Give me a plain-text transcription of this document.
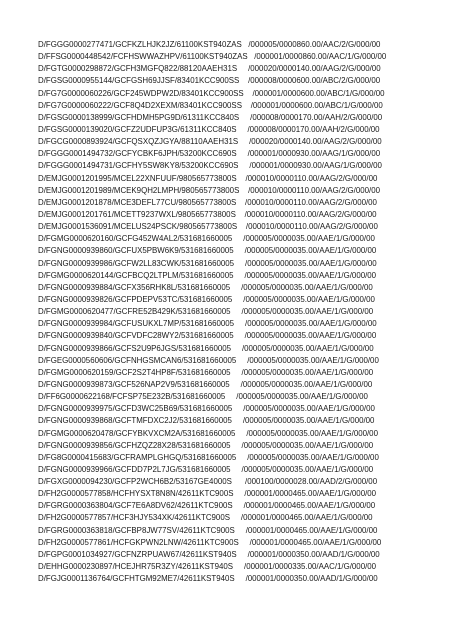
D/FGGG0000277471/GCFKZLHJK2JZ/61100KST940ZAS   /000005/0000860.00/AAC/2/G/000/00
D/FFSG0000448542/FCFHSWWAZHPV/61100KST940ZAS   /000001/0000860.00/AAC/1/G/000/00
D/FGTG0000298872/GCFH3MGFQ822/88120AAEH31S     /000020/0000140.00/AAG/2/G/000/00
D/FGSG0000955144/GCFGSH69JJSF/83401KCC900SS    /000008/0000600.00/ABC/2/G/000/00
D/FG7G0000060226/GCF245WDPW2D/83401KCC900SS    /000001/0000600.00/ABC/1/G/000/00
D/FG7G0000060222/GCF8Q4D2XEXM/83401KCC900SS    /000001/0000600.00/ABC/1/G/000/00
D/FGSG0000138999/GCFHDMH5PG9D/61311KCC840S     /000008/0000170.00/AAH/2/G/000/00
D/FGSG0000139020/GCFZ2UDFUP3G/61311KCC840S     /000008/0000170.00/AAH/2/G/000/00
D/FGCG0000893924/GCFQSXQZJGYA/88110AAEH31S     /000020/0000140.00/AAG/2/G/000/00
D/FGGG0001494732/GCFYCBKF6JPH/53200KCC690S     /000001/0000930.00/AAG/1/G/000/00
D/FGGG0001494731/GCFHY5SW8KY8/53200KCC690S     /000001/0000930.00/AAG/1/G/000/00
D/EMJG0001201995/MCEL22XNFUUF/980565773800S    /000010/0000110.00/AAG/2/G/000/00
D/EMJG0001201989/MCEK9QH2LMPH/980565773800S    /000010/0000110.00/AAG/2/G/000/00
D/EMJG0001201878/MCE3DEFL77CU/980565773800S    /000010/0000110.00/AAG/2/G/000/00
D/EMJG0001201761/MCETT9237WXL/980565773800S    /000010/0000110.00/AAG/2/G/000/00
D/EMJG0001536091/MCELUS24PSCK/980565773800S    /000010/0000110.00/AAG/2/G/000/00
D/FGMG0000620160/GCFG452W4AL2/531681660005     /000005/0000035.00/AAE/1/G/000/00
D/FGNG0000939860/GCFUX5PBW6K9/531681660005     /000005/0000035.00/AAE/1/G/000/00
D/FGNG0000939986/GCFW2LL83CWK/531681660005     /000005/0000035.00/AAE/1/G/000/00
D/FGMG0000620144/GCFBCQ2LTPLM/531681660005     /000005/0000035.00/AAE/1/G/000/00
D/FGNG0000939884/GCFX356RHK8L/531681660005     /000005/0000035.00/AAE/1/G/000/00
D/FGNG0000939826/GCFPDEPV53TC/531681660005     /000005/0000035.00/AAE/1/G/000/00
D/FGMG0000620477/GCFRE52B429K/531681660005     /000005/0000035.00/AAE/1/G/000/00
D/FGNG0000939984/GCFUSUKXL7MP/531681660005     /000005/0000035.00/AAE/1/G/000/00
D/FGNG0000939840/GCFVDFC28WY2/531681660005     /000005/0000035.00/AAE/1/G/000/00
D/FGNG0000939866/GCFS2U9P6JGS/531681660005     /000005/0000035.00/AAE/1/G/000/00
D/FGEG0000560606/GCFNHGSMCAN6/531681660005     /000005/0000035.00/AAE/1/G/000/00
D/FGMG0000620159/GCF2S2T4HP8F/531681660005     /000005/0000035.00/AAE/1/G/000/00
D/FGNG0000939873/GCF526NAP2V9/531681660005     /000005/0000035.00/AAE/1/G/000/00
D/FF6G0000622168/FCFSP75E232B/531681660005     /000005/0000035.00/AAE/1/G/000/00
D/FGNG0000939975/GCFD3WC25B69/531681660005     /000005/0000035.00/AAE/1/G/000/00
D/FGNG0000939868/GCFTMFDXC2J2/531681660005     /000005/0000035.00/AAE/1/G/000/00
D/FGMG0000620478/GCFYBKVXCM2A/531681660005     /000005/0000035.00/AAE/1/G/000/00
D/FGNG0000939856/GCFHZQZ28X28/531681660005     /000005/0000035.00/AAE/1/G/000/00
D/FG8G0000415683/GCFRAMPLGHGQ/531681660005     /000005/0000035.00/AAE/1/G/000/00
D/FGNG0000939966/GCFDD7P2L7JG/531681660005     /000005/0000035.00/AAE/1/G/000/00
D/FGXG0000094230/GCFP2WCH6B2/53167GE4000S      /000100/0000028.00/AAD/2/G/000/00
D/FH2G0000577858/HCFHYSXT8N8N/42611KTC900S     /000001/0000465.00/AAE/1/G/000/00
D/FGRG0000363804/GCF7E6A8DV62/42611KTC900S     /000001/0000465.00/AAE/1/G/000/00
D/FH2G0000577857/HCF3HJY534XK/42611KTC900S     /000001/0000465.00/AAE/1/G/000/00
D/FGRG0000363818/GCFBP8JW77SV/42611KTC900S     /000001/0000465.00/AAE/1/G/000/00
D/FH2G0000577861/HCFGKPWN2LNW/42611KTC900S     /000001/0000465.00/AAE/1/G/000/00
D/FGPG0001034927/GCFNZRPUAW67/42611KST940S     /000001/0000350.00/AAD/1/G/000/00
D/EHHG0000230897/HCEJHR75R3ZY/42611KST940S     /000001/0000335.00/AAC/1/G/000/00
D/FGJG0001136764/GCFHTGM92ME7/42611KST940S     /000001/0000350.00/AAD/1/G/000/00
